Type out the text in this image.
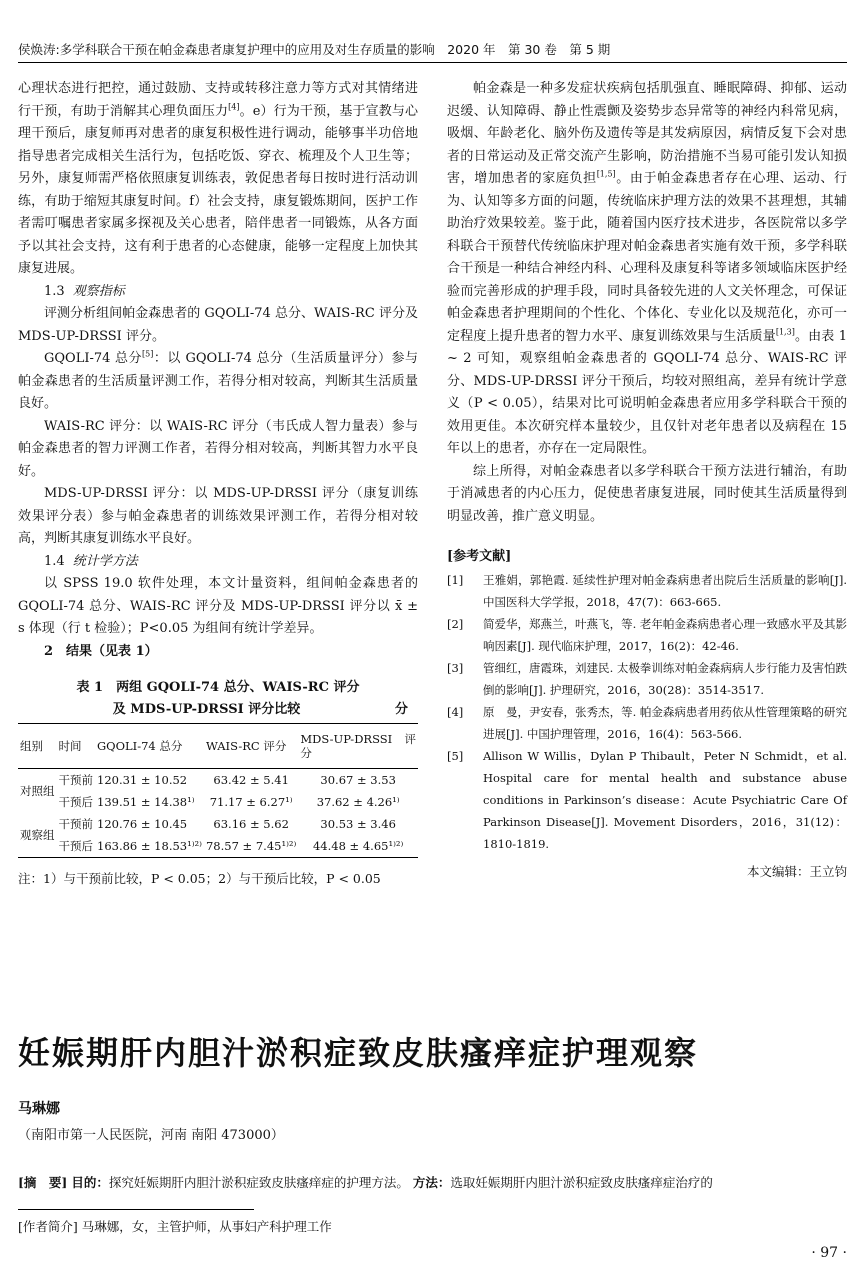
侯焕涛:多学科联合干预在帕金森患者康复护理中的应用及对生存质量的影响　2020 年　第 30 卷　第 5 期

心理状态进行把控，通过鼓励、支持或转移注意力等方式对其情绪进行干预，有助于消解其心理负面压力[4]。e）行为干预，基于宣教与心理干预后，康复师再对患者的康复积极性进行调动，能够事半功倍地指导患者完成相关生活行为，包括吃饭、穿衣、梳理及个人卫生等；另外，康复师需严格依照康复训练表，敦促患者每日按时进行活动训练，有助于缩短其康复时间。f）社会支持，康复锻炼期间，医护工作者需叮嘱患者家属多探视及关心患者，陪伴患者一同锻炼，从各方面予以其社会支持，这有利于患者的心态健康，能够一定程度上加快其康复进展。

1.3 观察指标

评测分析组间帕金森患者的 GQOLI-74 总分、WAIS-RC 评分及 MDS-UP-DRSSI 评分。

GQOLI-74 总分[5]：以 GQOLI-74 总分（生活质量评分）参与帕金森患者的生活质量评测工作，若得分相对较高，判断其生活质量良好。

WAIS-RC 评分：以 WAIS-RC 评分（韦氏成人智力量表）参与帕金森患者的智力评测工作者，若得分相对较高，判断其智力水平良好。

MDS-UP-DRSSI 评分：以 MDS-UP-DRSSI 评分（康复训练效果评分表）参与帕金森患者的训练效果评测工作，若得分相对较高，判断其康复训练水平良好。

1.4 统计学方法

以 SPSS 19.0 软件处理，本文计量资料，组间帕金森患者的 GQOLI-74 总分、WAIS-RC 评分及 MDS-UP-DRSSI 评分以 x̄ ± s 体现（行 t 检验）；P<0.05 为组间有统计学差异。

2　结果（见表 1）

表 1　两组 GQOLI-74 总分、WAIS-RC 评分
及 MDS-UP-DRSSI 评分比较	分
组别	时间	GQOLI-74 总分	WAIS-RC 评分	MDS-UP-DRSSI 评分
对照组	干预前	120.31 ± 10.52	63.42 ± 5.41	30.67 ± 3.53
	干预后	139.51 ± 14.38¹⁾	71.17 ± 6.27¹⁾	37.62 ± 4.26¹⁾
观察组	干预前	120.76 ± 10.45	63.16 ± 5.62	30.53 ± 3.46
	干预后	163.86 ± 18.53¹⁾²⁾	78.57 ± 7.45¹⁾²⁾	44.48 ± 4.65¹⁾²⁾
注：1）与干预前比较，P < 0.05；2）与干预后比较，P < 0.05

帕金森是一种多发症状疾病包括肌强直、睡眠障碍、抑郁、运动迟缓、认知障碍、静止性震颤及姿势步态异常等的神经内科常见病，吸烟、年龄老化、脑外伤及遗传等是其发病原因，病情反复下会对患者的日常运动及正常交流产生影响，防治措施不当易可能引发认知损害，增加患者的家庭负担[1,5]。由于帕金森患者存在心理、运动、行为、认知等多方面的问题，传统临床护理方法的效果不甚理想，其辅助治疗效果较差。鉴于此，随着国内医疗技术进步，各医院常以多学科联合干预替代传统临床护理对帕金森患者实施有效干预，多学科联合干预是一种结合神经内科、心理科及康复科等诸多领域临床医护经验而完善形成的护理手段，同时具备较先进的人文关怀理念，可保证帕金森患者护理期间的个性化、个体化、专业化以及规范化，亦可一定程度上提升患者的智力水平、康复训练效果与生活质量[1,3]。由表 1 ~ 2 可知，观察组帕金森患者的 GQOLI-74 总分、WAIS-RC 评分、MDS-UP-DRSSI 评分干预后，均较对照组高，差异有统计学意义（P < 0.05），结果对比可说明帕金森患者应用多学科联合干预的效用更佳。本次研究样本量较少，且仅针对老年患者以及病程在 15 年以上的患者，亦存在一定局限性。

综上所得，对帕金森患者以多学科联合干预方法进行辅治，有助于消减患者的内心压力，促使患者康复进展，同时使其生活质量得到明显改善，推广意义明显。

[参考文献]
[1]	王雅娟，郭艳霞. 延续性护理对帕金森病患者出院后生活质量的影响[J]. 中国医科大学学报，2018，47(7)：663-665.
[2]	简爱华，郑燕兰，叶燕飞，等. 老年帕金森病患者心理一致感水平及其影响因素[J]. 现代临床护理，2017，16(2)：42-46.
[3]	管细红，唐霞珠，刘建民. 太极拳训练对帕金森病病人步行能力及害怕跌倒的影响[J]. 护理研究，2016，30(28)：3514-3517.
[4]	原　曼，尹安春，张秀杰，等. 帕金森病患者用药依从性管理策略的研究进展[J]. 中国护理管理，2016，16(4)：563-566.
[5]	Allison W Willis，Dylan P Thibault，Peter N Schmidt，et al. Hospital care for mental health and substance abuse conditions in Parkinson’s disease：Acute Psychiatric Care Of Parkinson Disease[J]. Movement Disorders，2016，31(12)：1810-1819.
本文编辑：王立钧
妊娠期肝内胆汁淤积症致皮肤瘙痒症护理观察
马琳娜
（南阳市第一人民医院，河南 南阳 473000）
[摘　要] 目的：探究妊娠期肝内胆汁淤积症致皮肤瘙痒症的护理方法。 方法：选取妊娠期肝内胆汁淤积症致皮肤瘙痒症治疗的
[作者简介] 马琳娜，女，主管护师，从事妇产科护理工作
· 97 ·
